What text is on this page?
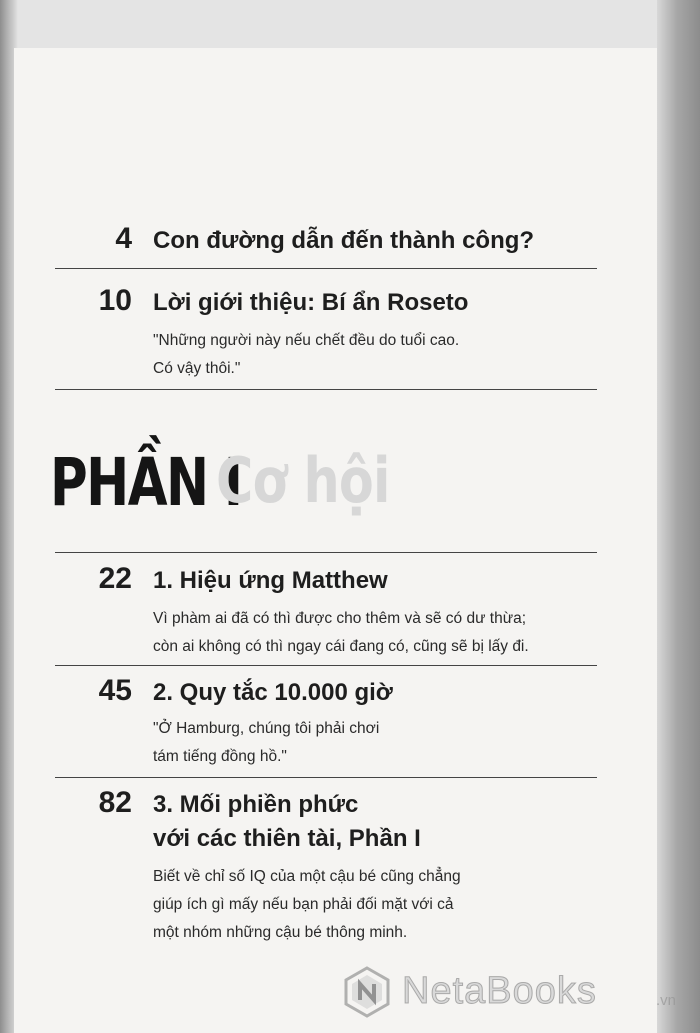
4 Con đường dẫn đến thành công?
10 Lời giới thiệu: Bí ẩn Roseto
"Những người này nếu chết đều do tuổi cao.
Có vậy thôi."
PHẦN I
Cơ hội
22 1. Hiệu ứng Matthew
Vì phàm ai đã có thì được cho thêm và sẽ có dư thừa;
còn ai không có thì ngay cái đang có, cũng sẽ bị lấy đi.
45 2. Quy tắc 10.000 giờ
"Ở Hamburg, chúng tôi phải chơi
tám tiếng đồng hồ."
82 3. Mối phiền phức
với các thiên tài, Phần I
Biết về chỉ số IQ của một cậu bé cũng chẳng
giúp ích gì mấy nếu bạn phải đối mặt với cả
một nhóm những cậu bé thông minh.
NetaBooks	.vn
